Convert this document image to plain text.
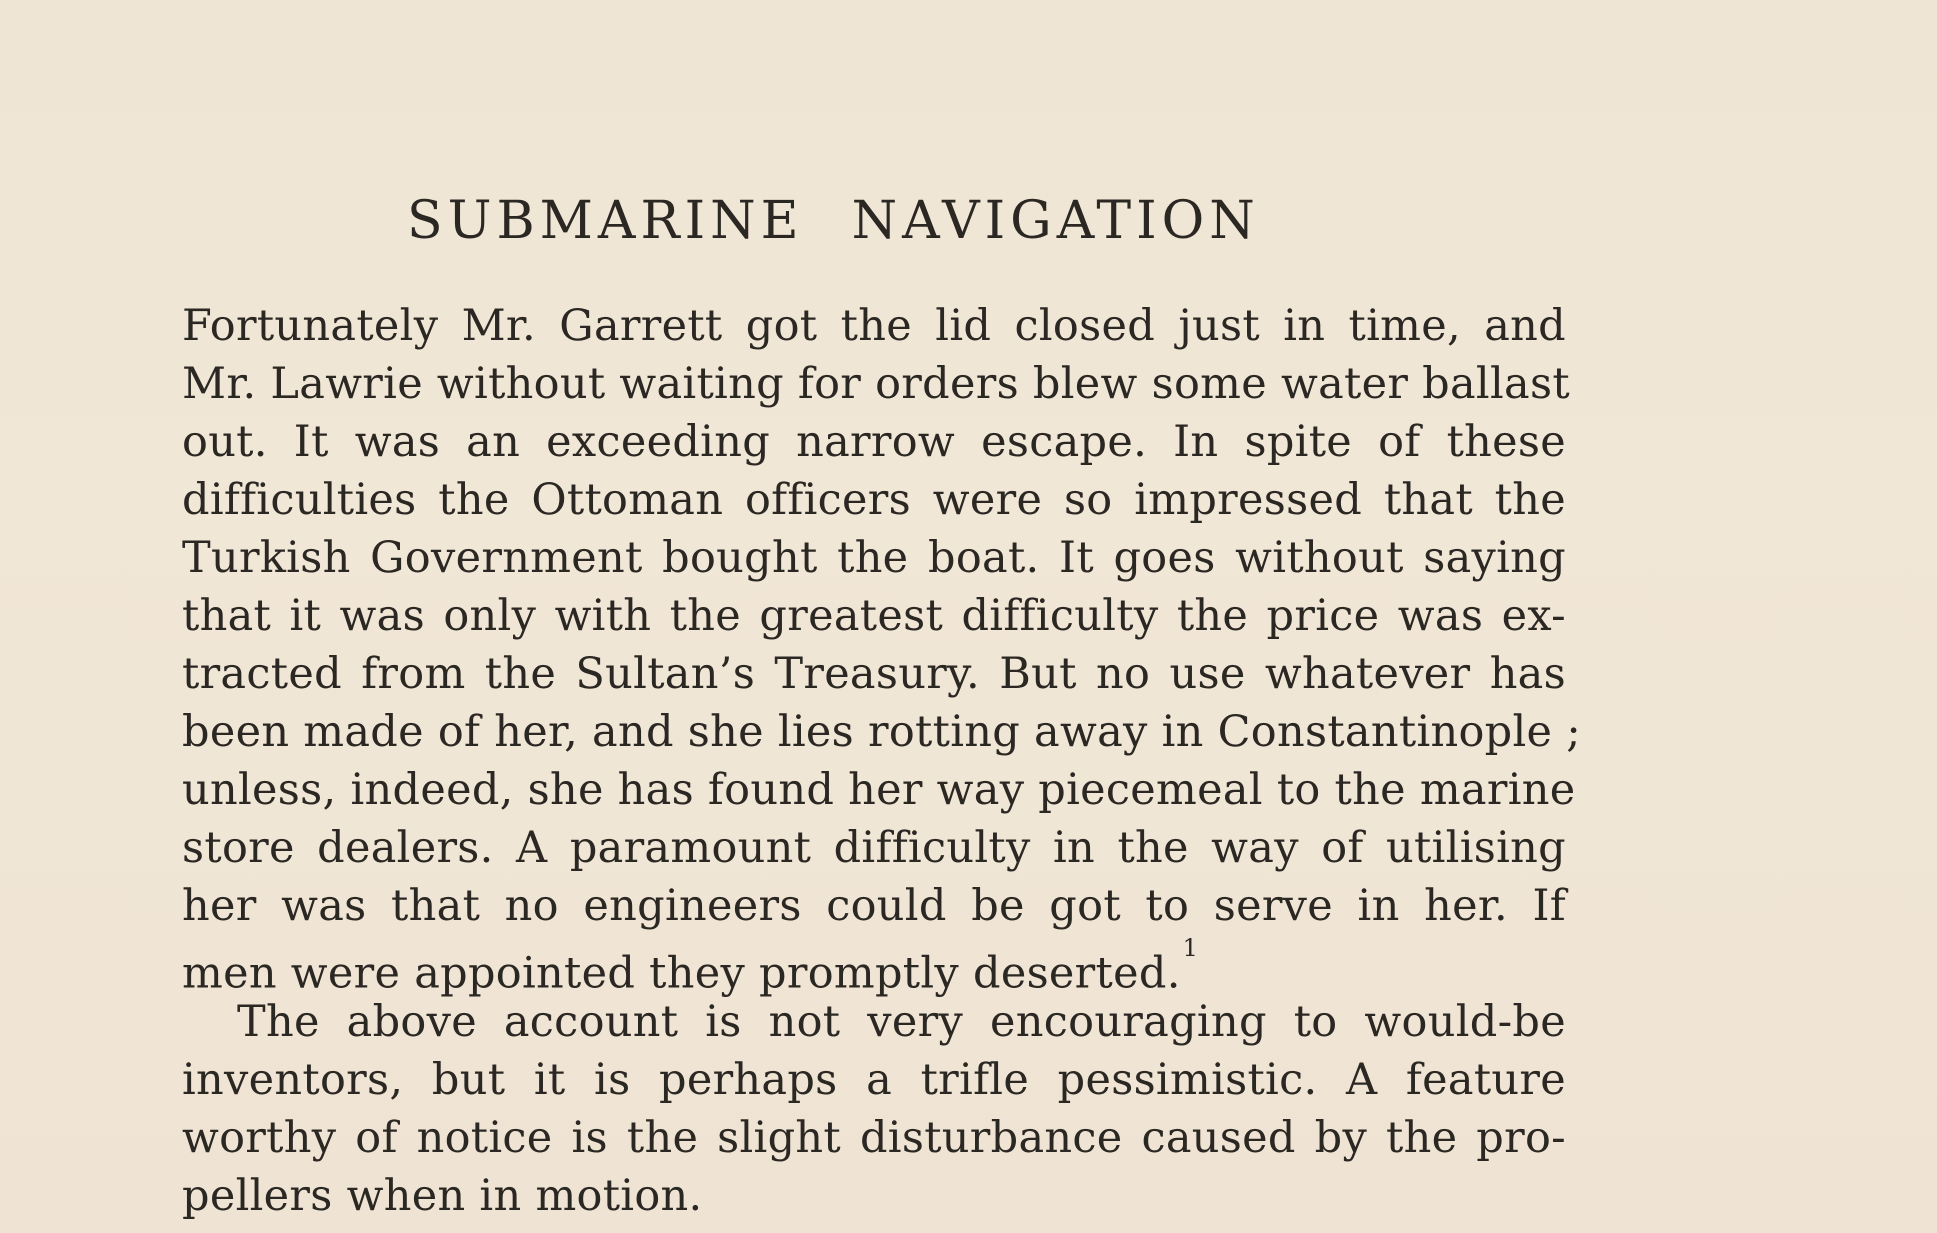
SUBMARINE NAVIGATION
Fortunately Mr. Garrett got the lid closed just in time, and
Mr. Lawrie without waiting for orders blew some water ballast
out. It was an exceeding narrow escape. In spite of these
difficulties the Ottoman officers were so impressed that the
Turkish Government bought the boat. It goes without saying
that it was only with the greatest difficulty the price was ex-
tracted from the Sultan’s Treasury. But no use whatever has
been made of her, and she lies rotting away in Constantinople ;
unless, indeed, she has found her way piecemeal to the marine
store dealers. A paramount difficulty in the way of utilising
her was that no engineers could be got to serve in her. If
men were appointed they promptly deserted.$^1$
The above account is not very encouraging to would-be
inventors, but it is perhaps a trifle pessimistic. A feature
worthy of notice is the slight disturbance caused by the pro-
pellers when in motion.
